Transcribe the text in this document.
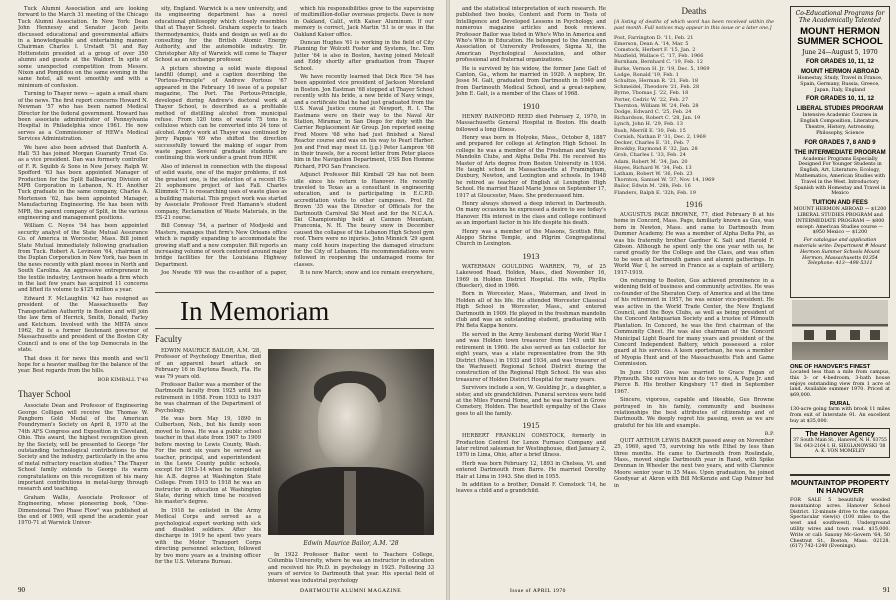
Tuck Alumni Association and are looking forward to the March 31 meeting of the Chicago Tuck Alumni Association. In New York: Dean John Hennessy and Senator Jacob Javits discussed educational and governmental affairs in a knowledgeable and entertaining manner. Chairman Charles I. Urstadt '51 and Ray Hottenstein presided at a group of over 350 alumni and guests at the Waldorf. In spite of some unexpected competition from Messrs. Nixon and Pompidou on the same evening in the same hotel, all went smoothly and with a minimum of confusion.

Turning to Thayer news — again a small share of the news. The first report concerns Howard N. Newman '57 who has been named Medical Director for the federal government. Howard has been associate administrator of Pennsylvania Hospital in Philadelphia since 1961. He now serves as a Commissioner of HEW's Medical Services Administration.

We have also been advised that Danforth A. Hall '53 has joined Morgan Guaranty Trust Co. as a vice president. Dan was formerly controller of F. R. Squibb & Sons in New Jersey. Ralph W. Spofford '63 has been appointed Manager of Production for the Split Ballbearing Division of MPB Corporation in Lebanon, N. H. Another Tuck graduate in the same company, Charles A. Mortenson '62, has been appointed Manager, Manufacturing Engineering. He has been with MPB, the parent company of Split, in the various engineering and management positions.

William C. Noyes '54 has been appointed security analyst of the State Mutual Assurance Co. of America in Worcester, Mass. Bill joined State Mutual immediately following graduation from Tuck. Robert A. Levinson '64, chairman of the Duplan Corporation in New York, has been in the news recently with plant moves in North and South Carolina. An aggressive entrepreneur in the textile industry, Levinson heads a firm which in the last few years has acquired 11 concerns and lifted its volume to $125 million a year.

Edward F. McLaughlin '42 has resigned as president of the Massachusetts Bay Transportation Authority in Boston and will join the law firm of Herrick, Smith, Donald, Farley and Ketchum. Involved with the MBTA since 1962, Ed is a former lieutenant governor of Massachusetts and president of the Boston City Council and is one of the top Democrats in the state.

That does it for news this month and we'll hope for a heavier mailbag for the balance of the year. Best regards from the hills.

BOB KIMBALL T'48
Thayer School

Associate Dean and Professor of Engineering George Colligan will receive the Thomas W. Pangborn Gold Medal of the American Foundrymen's Society on April 8, 1970 at the 74th AFS Congress and Exposition in Cleveland, Ohio. This award, the highest recognition given by the Society, will be presented to George "for outstanding technological contributions to the Society and the industry, particularly in the area of metal refractory reaction studies." The Thayer School family extends to George its warm congratulations on this recognition of his many important contributions in metal-lurgy through research and teaching.

Graham Wallis, Associate Professor of Engineering, whose pioneering book, "One-Dimensional Two Phase Flow" was published at the end of 1969, will spend the academic year 1970-71 at Warwick Univer-

sity, England. Warwick is a new university, and its engineering department has a novel educational philosophy which closely resembles that at Thayer School. Graham expects to teach thermodynamics, fluids and design as well as do consulting for the British Atomic Energy Authority, and the automobile industry. Dr. Christopher Alty of Warwick will come to Thayer School as an exchange professor.

A picture showing a solid waste disposal landfill (dump), and a caption describing the "Portous-Principle" of Andrew Portous '67 appeared in the February 16 issue of a popular magazine, The Port. The Portous-Principle, developed during Andrew's doctoral work at Thayer School, is described as a profitable method of distilling alcohol from municipal refuse. From 120 tons of waste 75 tons is cellulose which can be converted into 24 tons of alcohol. Andy's work at Thayer was continued by Jerry Pappas '69 who shifted the direction successfully toward the making of sugar from waste paper. Several graduate students are continuing this work under a grant from HEW.

Also of interest in connection with the disposal of solid waste, one of the major problems, if not the greatest one, is the selection of a recent ES-21 sophomore project of last Fall. Charles Klimmek '71 is researching uses of waste glass as a building material. This project work was started by Associate Professor Fred Hamann's student company, Reclamation of Waste Materials, in the ES-21 course.

Bill Conway '54, a partner of Modjeski and Masters, manages that firm's New Orleans office which is rapidly expanding to accommodate the growing staff and a new computer. Bill reports an increasing volume of work centered around major bridge facilities for the Louisiana Highway Department.

Joe Nwude '69 was the co-author of a paper,

which his responsibilities grew to the supervising of multimillion-dollar overseas projects. Dave is now in Oakland, Calif., with Kaiser Aluminum. If our memory is correct, Jack Martin '51 is or was in the Oakland Kaiser office.

Duncan Hughes '61 is working in the field of City Planning for Wolcott Foster and Systems, Inc. Tom Jutter '64 is also in Boston, having joined Metcalf and Eddy shortly after graduation from Thayer School.

We have recently learned that Dick Rice '54 has been appointed vice president of Jackson Moreland in Boston. Jon Eastman '68 stopped at Thayer School recently with his bride, a new bride of Navy wings, and a certificate that he had just graduated from the U.S. Naval Justice course at Newport, R. I. The Eastmans were on their way to the Naval Air Station, Miramar, in San Diego for duty with the Carrier Replacement Air Group. Jon reported seeing Fred Moore '68 who had just finished a Naval Reactor course and was on his way to Pearl Harbor. Jon and Fred may meet Lt. (j.g.) Peter Lampron '68 in their travels, for a recent letter from Peter places him in the Navigation Department, USS Bon Homme Richard, FPO San Francisco.

Adjunct Professor Bill Kimball '29 has not been idle since his return to Hanover. He recently traveled to Texas as a consultant in engineering education, and is participating in E.C.P.D. accreditation visits to other campuses. Prof. Ed Brown '35 was the Director of Officials for the Dartmouth Carnival Ski Meet and for the N.C.A.A. Ski Championship held at Cannon Mountain, Franconia, N. H. The heavy snow in December caused the collapse of the Lebanon High School gym roof. There were no injuries. John Minnich '29 spent many cold hours inspecting the damaged structure for the City of Lebanon. His recommendations were followed in reopening the undamaged rooms for classes.

It is now March; snow and ice remain everywhere,

In Memoriam
Faculty

EDWIN MAURICE BAILOR, A.M. '28, Professor of Psychology Emeritus, died of an apparent heart attack on February 16 in Daytona Beach, Fla. He was 79 years old.

Professor Bailor was a member of the Dartmouth faculty from 1925 until his retirement in 1958. From 1933 to 1937 he was chairman of the Department of Psychology.

He was born May 19, 1890 in Culbertson, Neb., but his family soon moved to Iowa. He was a public school teacher in that state from 1907 to 1909 before moving to Lewis County, Wash. For the next six years he served as teacher, principal, and superintendent in the Lewis County public schools, except for 1913-14 when he completed his A.B. degree at Washington State College. From 1915 to 1918 he was an instructor in education at Washington State, during which time he received his master's degree.

In 1918 he enlisted in the Army Medical Corps and served as a psychological expert working with sick and disabled soldiers. After his discharge in 1919 he spent two years with the Motor Transport Corps directing personnel selection, followed by two more years as a training officer for the U.S. Veterans Bureau.

Edwin Maurice Bailor, A.M. '28

In 1922 Professor Bailor went to Teachers College, Columbia University, where he was an instructor in education and received his Ph.D. in psychology in 1925. Following 33 years of service to Dartmouth that year. His special field of interest was industrial psychology

90

and the statistical interpretation of such research. He published two books, Content and Form in Tests of Intelligence and Developed Lessons in Psychology, and numerous magazine articles and book reviews. Professor Bailor was listed in Who's Who in America and Who's Who in Education. He belonged to the American Association of University Professors, Sigma Xi, the American Psychological Association, and other professional and fraternal organizations.

He is survived by his widow, the former Jane Galt of Canton, Ga., whom he married in 1920. A nephew, Dr. Jesse M. Galt, graduated from Dartmouth in 1940 and from Dartmouth Medical School, and a great-nephew, John E. Galt, is a member of the Class of 1968.

1910

HENRY RAINFORD REED died February 2, 1970, in Massachusetts General Hospital in Boston. His death followed a long illness.

Henry was born in Holyoke, Mass., October 8, 1887 and prepared for college at Arlington High School. In college he was a member of the Freshman and Varsity Mandolin Clubs, and Alpha Delta Phi. He received his Master of Arts degree from Boston University in 1934. He taught school in Massachusetts at Framingham, Duxbury, Newton, and Lexington and schools. In 1948 he retired as teacher of English at Lexington High School. He married Hazel Marie Jones on September 17, 1917 at Gloucester, Mass. She predeceased him.

Henry always showed a deep interest in Dartmouth. On many occasions he expressed a desire to see today's Hanover. His interest in the class and college continued as an important factor in his life despite his death.

Henry was a member of the Masons, Scottish Rite, Aleppo Shrine Temple, and Pilgrim Congregational Church in Lexington.

1913

WATERMAN GOULDING WARREN, 79, of 25 Lakewood Road, Holden, Mass., died November 16, 1969 in Holden District Hospital. His wife, Phyllis (Buecker), died in 1966.

Born in Worcester, Mass., Waterman, and lived in Holden all of his life. He attended Worcester Classical High School in Worcester, Mass., and entered Dartmouth in 1909. He played in the freshman mandolin club and was an outstanding student, graduating with Phi Beta Kappa honors.

He served in the Army lieutenant during World War I and was Holden town treasurer from 1943 until his retirement in 1960. He also served as tax collector for eight years, was a state representative from the 9th District (Mass.) in 1933 and 1934, and was treasurer of the Wachusett Regional School District during the construction of the Regional High School. He was also treasurer of Holden District Hospital for many years.

Survivors include a son, W. Goulding Jr., a daughter, a sister, and six grandchildren. Funeral services were held at the Miles Funeral Home, and he was buried in Grove Cemetery, Holden. The heartfelt sympathy of the Class goes to all the family.

1915

HERBERT FRANKLIN COMSTOCK, formerly in Production Control for Lenox Furnace Company and later retired salesman for Westinghouse, died January 2, 1970 in Lima, Ohio, after a brief illness.

Herb was born February 12, 1893 in Chelsea, Vt. and entered Dartmouth from Barre. He married Dorothy Hair at Lima in 1943. She died in 1955.

In addition to a brother, Donald F. Comstock '14, he leaves a child and a grandchild.

Deaths
[A listing of deaths of which word has been received within the past month. Full notices may appear in this issue or a later one.]
Post, Farrington D. '11, Feb. 21
Emerson, Dean A. '14, Mar. 5
Comstock, Herbert F. '15, Jan. 2
Maxfield, Wallace C. '17, Feb. 1966
Burnham, Bernhard C. '19, Feb. 12
Burke, Vernon H. Jr. '19, Dec. 5, 1969
Lodge, Ronald '19, Feb. 1
Schultze, Herman R. '21, Feb. 18
Schmeidel, Theodore '21, Feb. 28
Byrne, Thomas J. '22, Feb. 18
Porter, Cedric W. '22, Feb. 27
Thornton, William W. '24, Feb. 28
Dodge, Edward C. '25, Feb. 24
Richardson, Robert C. '28, Jan. 19
Lynch, John H. '29, Feb. 13
Bush, Merrill E. '30, Feb. 15
Cornish, Nathan P. '31, Dec. 2, 1969
Decker, Charles E. '31, Feb. 7
Brookby, Raymond F. '32, Jan. 28
Grob, Charles I. '33, Feb. 24
Adam, Robert M. '34, Jan. 20
Hayes, Richard W. '34, Feb. 13
Latham, Robert W. '36, Feb. 23
Thornton, Samuel W. '37, Nov. 14, 1969
Bailor, Edwin M. '28h, Feb. 16
Flanders, Ralph E. '32h, Feb. 19
1916

AUGUSTUS PAGE BROWNE, 77, died February 8 at his home in Concord, Mass. Page, familiarly known as Gus, was born in Newton, Mass. and came to Dartmouth from Dummer Academy. He was a member of Alpha Delta Phi, as was his fraternity brother Gardner K. Salt and Harold F. Gibson. Although he spent only the one year with us, he cared greatly for the College and the Class, and was often to be seen at Dartmouth games and alumni gatherings. In World War I, he served in France as a captain of artillery, 1917-1919.

On returning to Boston, Gus achieved prominence in a widening field of business and community activities. He was co-founder of the Sheraton Corp. of America and at the time of his retirement in 1957, he was senior vice-president. He was active in the World Trade Center, the New England Council, and the Boys Clubs, as well as being president of the Concord Antiquarian Society and a trustee of Plimouth Plantation. In Concord, he was the first chairman of the Community Chest. He was also chairman of the Concord Municipal Light Board for many years and president of the Concord Independent Battery, which possessed a color guard at his services. A keen sportsman, he was a member of Myopia Hunt and of the Massachusetts Fish and Game Commission.

In June 1920 Gus was married to Grace Fagan of Plymouth. She survives him as do two sons, A. Page Jr. and Pierce B. His brother Kingsbury '17 died in September 1967.

Sincere, vigorous, capable and likeable, Gus Browne portrayed in his family, community and business relationships the best attributes of citizenship and of Dartmouth. We deeply regret his passing, even as we are grateful for his life and example.

R.P.

QUIT ARTHUR LEWIS BAKER passed away on November 25, 1969, aged 75, surviving his wife Ethel by less than three months. He came to Dartmouth from Roslindale, Mass., moved single Dartmouth year in Rand, with Spike Drennan in Wheeler the next two years, and with Clarence Moore senior year in 35 Mass. Upon graduation, he joined Goodyear at Akron with Bill McKenzie and Cap Palmer but in

Issue of APRIL 1970	91
DARTMOUTH ALUMNI MAGAZINE
Co-Educational Programs for The Academically Talented
MOUNT HERMON SUMMER SCHOOL
June 24—August 5, 1970
FOR GRADES 10, 11, 12
MOUNT HERMON ABROAD
Homestay, Study, Travel in France, Spain, Germany, Russia, Greece, Japan, Italy, England
FOR GRADES 10, 11, 12
LIBERAL STUDIES PROGRAM
Intensive Academic Courses in English Composition, Literature, Theatre, History, Astronomy, Philosophy, Science
FOR GRADES 7, 8 AND 9
THE INTERMEDIATE PROGRAM
Academic Programs Especially Designed For Younger Students in English, Art, Literature, Ecology, Mathematics, American Studies with Travel in the West. Introductory Spanish with Homestay and Travel in Mexico
TUITION AND FEES
MOUNT HERMON ABROAD — $1200 LIBERAL STUDIES PROGRAM and INTERMEDIATE PROGRAM — $800 except: American Studies course — $950 Mexico — $1200
For catalogue and application materials write: Department # Mount Hermon Summer Schools Mount Hermon, Massachusetts 01354 Telephone: 413—498-5311
ONE OF HANOVER'S FINEST
Located less than a mile from campus, this 3- or 4-bedroom, 3-bath house enjoys outstanding view from 1 acre of land. Available summer 1970. Priced at $69,000.
RURAL
130-acre going farm with brook 11 miles from exit of Interstate 91. An excellent buy at $35,000.
The Hanover Agency
37 South Main St., Hanover, N. H. 03755 Tel. 643-2164 I. H. SIEGLANOWSKI '38 A. K. VON MOMELEY
MOUNTAINTOP PROPERTY IN HANOVER
FOR SALE 5 beautifully wooded mountaintop acres. Hanover School District. 12-minute drive to the campus. Spectacular view(s) (100 miles to the west and southwest). Underground utility wires and town road. $15,000. Write or call: Saxony Mc-Govern '64, 50 Chestnut St., Boston, Mass. 02128. (617) 742-1240 (Evenings).
